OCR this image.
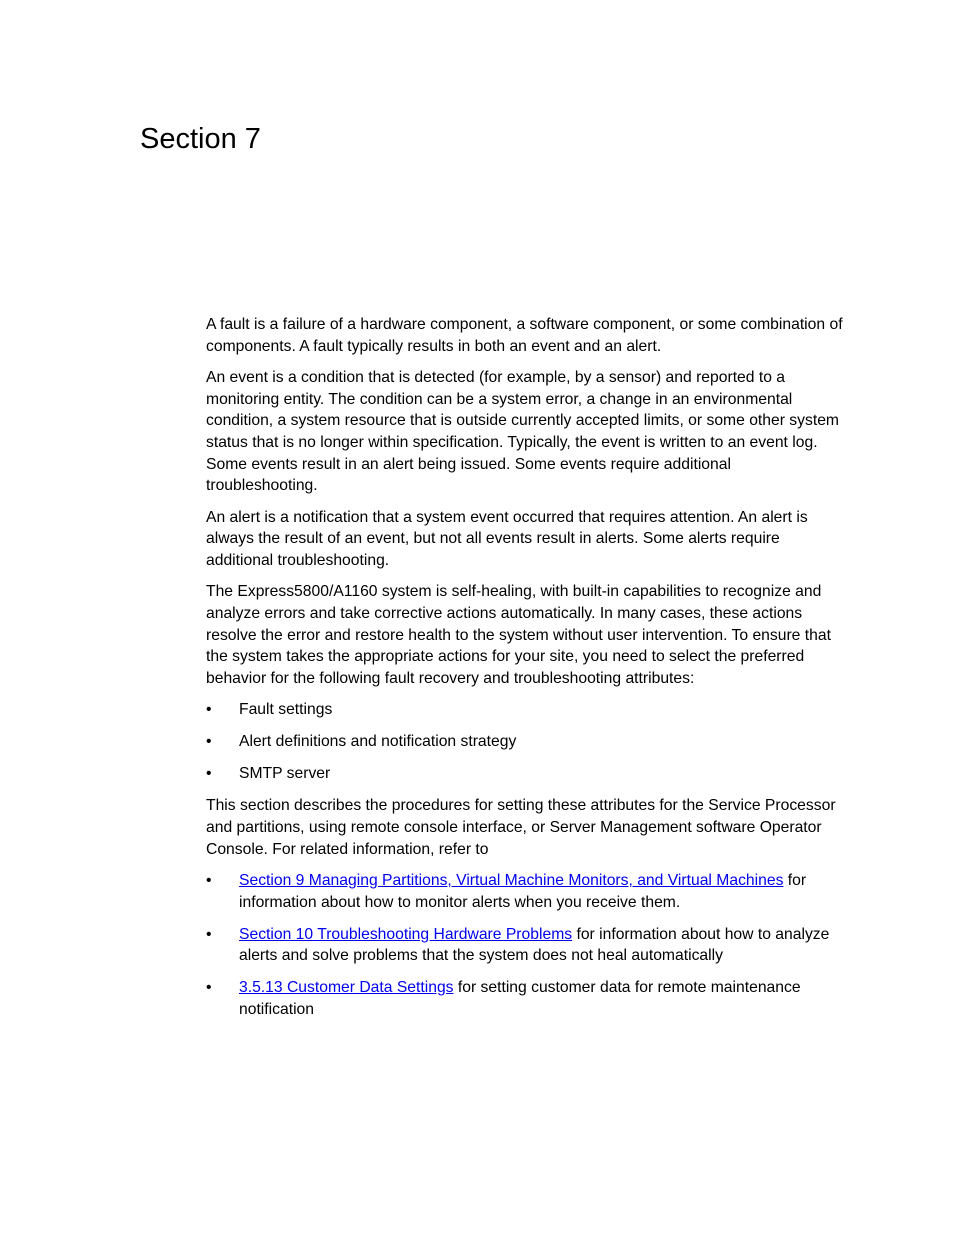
Section 7

A fault is a failure of a hardware component, a software component, or some combination of components. A fault typically results in both an event and an alert.

An event is a condition that is detected (for example, by a sensor) and reported to a monitoring entity. The condition can be a system error, a change in an environmental condition, a system resource that is outside currently accepted limits, or some other system status that is no longer within specification. Typically, the event is written to an event log. Some events result in an alert being issued. Some events require additional troubleshooting.

An alert is a notification that a system event occurred that requires attention. An alert is always the result of an event, but not all events result in alerts. Some alerts require additional troubleshooting.

The Express5800/A1160 system is self-healing, with built-in capabilities to recognize and analyze errors and take corrective actions automatically. In many cases, these actions resolve the error and restore health to the system without user intervention. To ensure that the system takes the appropriate actions for your site, you need to select the preferred behavior for the following fault recovery and troubleshooting attributes:

• Fault settings
• Alert definitions and notification strategy
• SMTP server

This section describes the procedures for setting these attributes for the Service Processor and partitions, using remote console interface, or Server Management software Operator Console. For related information, refer to

• Section 9 Managing Partitions, Virtual Machine Monitors, and Virtual Machines for information about how to monitor alerts when you receive them.
• Section 10 Troubleshooting Hardware Problems for information about how to analyze alerts and solve problems that the system does not heal automatically
• 3.5.13 Customer Data Settings for setting customer data for remote maintenance notification
